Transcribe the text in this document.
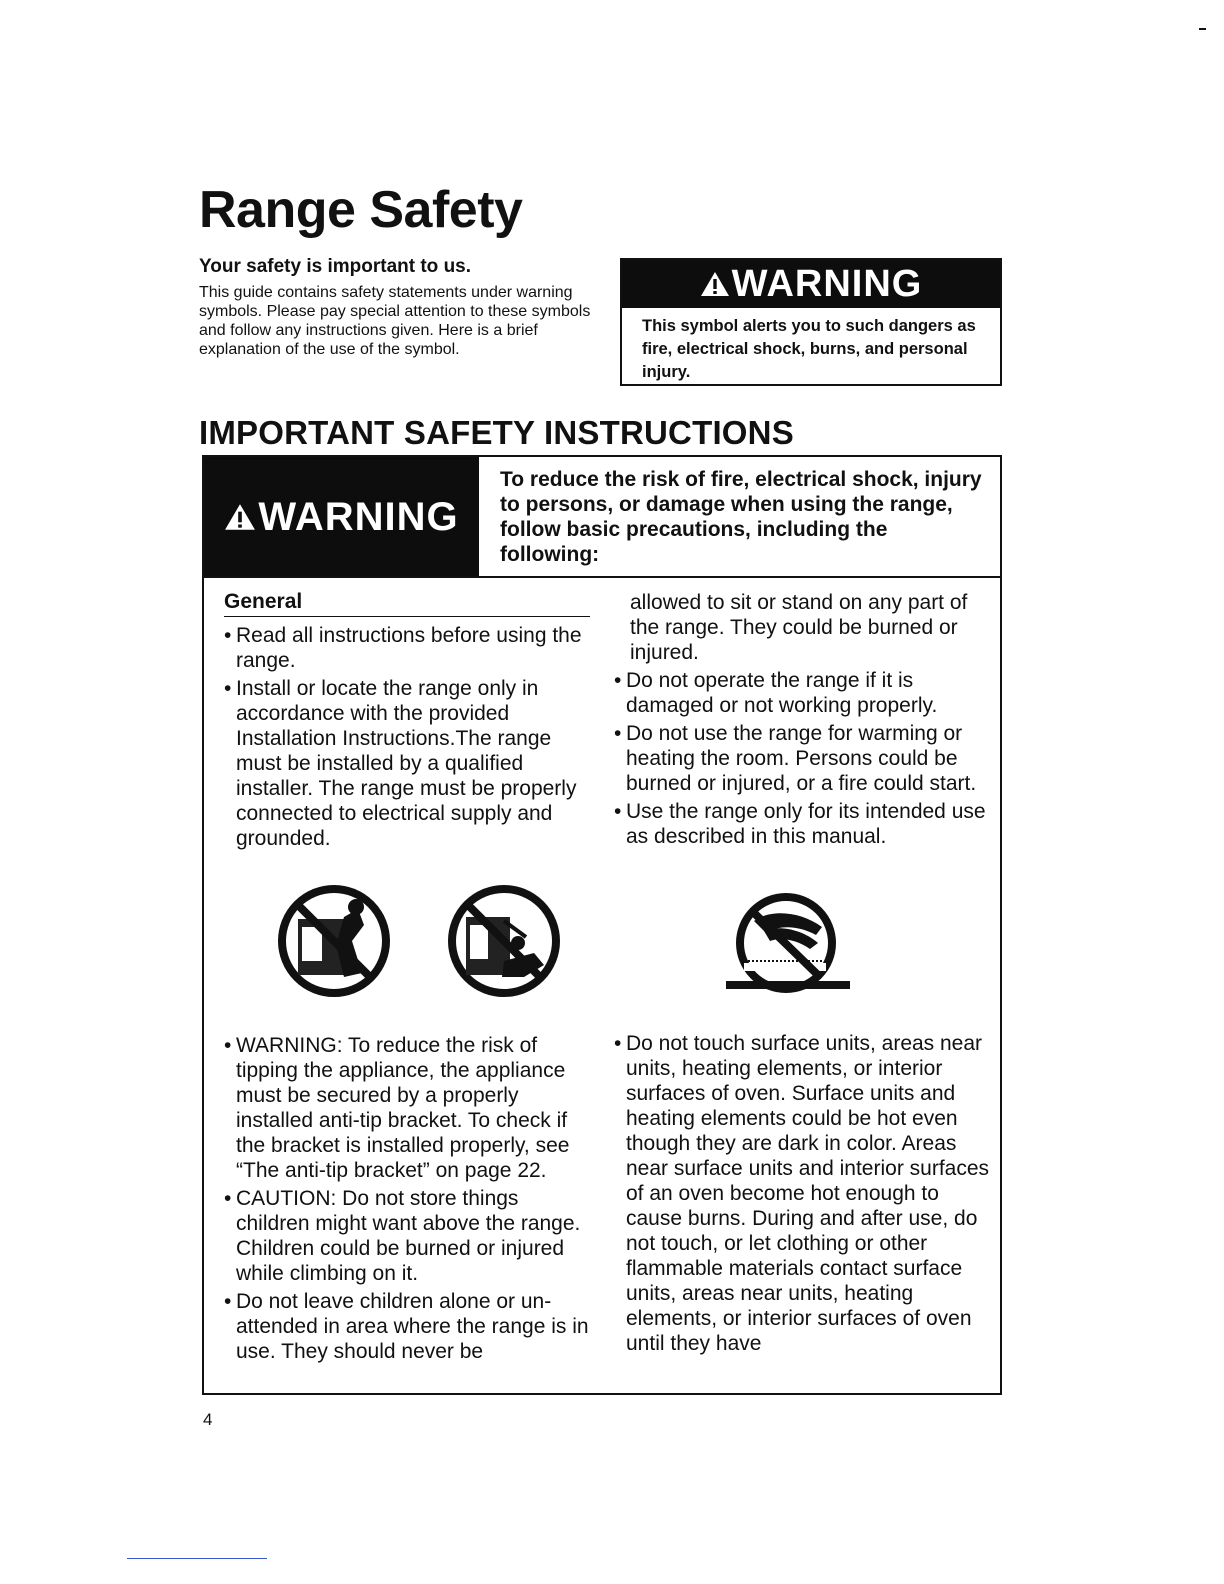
Range Safety
Your safety is important to us.

This guide contains safety statements under warning symbols. Please pay special attention to these symbols and follow any instructions given. Here is a brief explanation of the use of the symbol.

WARNING
This symbol alerts you to such dangers as fire, electrical shock, burns, and personal injury.
IMPORTANT SAFETY INSTRUCTIONS
WARNING
To reduce the risk of fire, electrical shock, injury to persons, or damage when using the range, follow basic precautions, including the following:
General
• Read all instructions before using the range.
• Install or locate the range only in accordance with the provided Installation Instructions.The range must be installed by a qualified installer. The range must be properly connected to electrical supply and grounded.
• WARNING: To reduce the risk of tipping the appliance, the appliance must be secured by a properly installed anti-tip bracket. To check if the bracket is installed properly, see “The anti-tip bracket” on page 22.
• CAUTION: Do not store things children might want above the range. Children could be burned or injured while climbing on it.
• Do not leave children alone or un-attended in area where the range is in use. They should never be
allowed to sit or stand on any part of the range. They could be burned or injured.
• Do not operate the range if it is damaged or not working properly.
• Do not use the range for warming or heating the room. Persons could be burned or injured, or a fire could start.
• Use the range only for its intended use as described in this manual.
• Do not touch surface units, areas near units, heating elements, or interior surfaces of oven. Surface units and heating elements could be hot even though they are dark in color. Areas near surface units and interior surfaces of an oven become hot enough to cause burns. During and after use, do not touch, or let clothing or other flammable materials contact surface units, areas near units, heating elements, or interior surfaces of oven until they have
4
